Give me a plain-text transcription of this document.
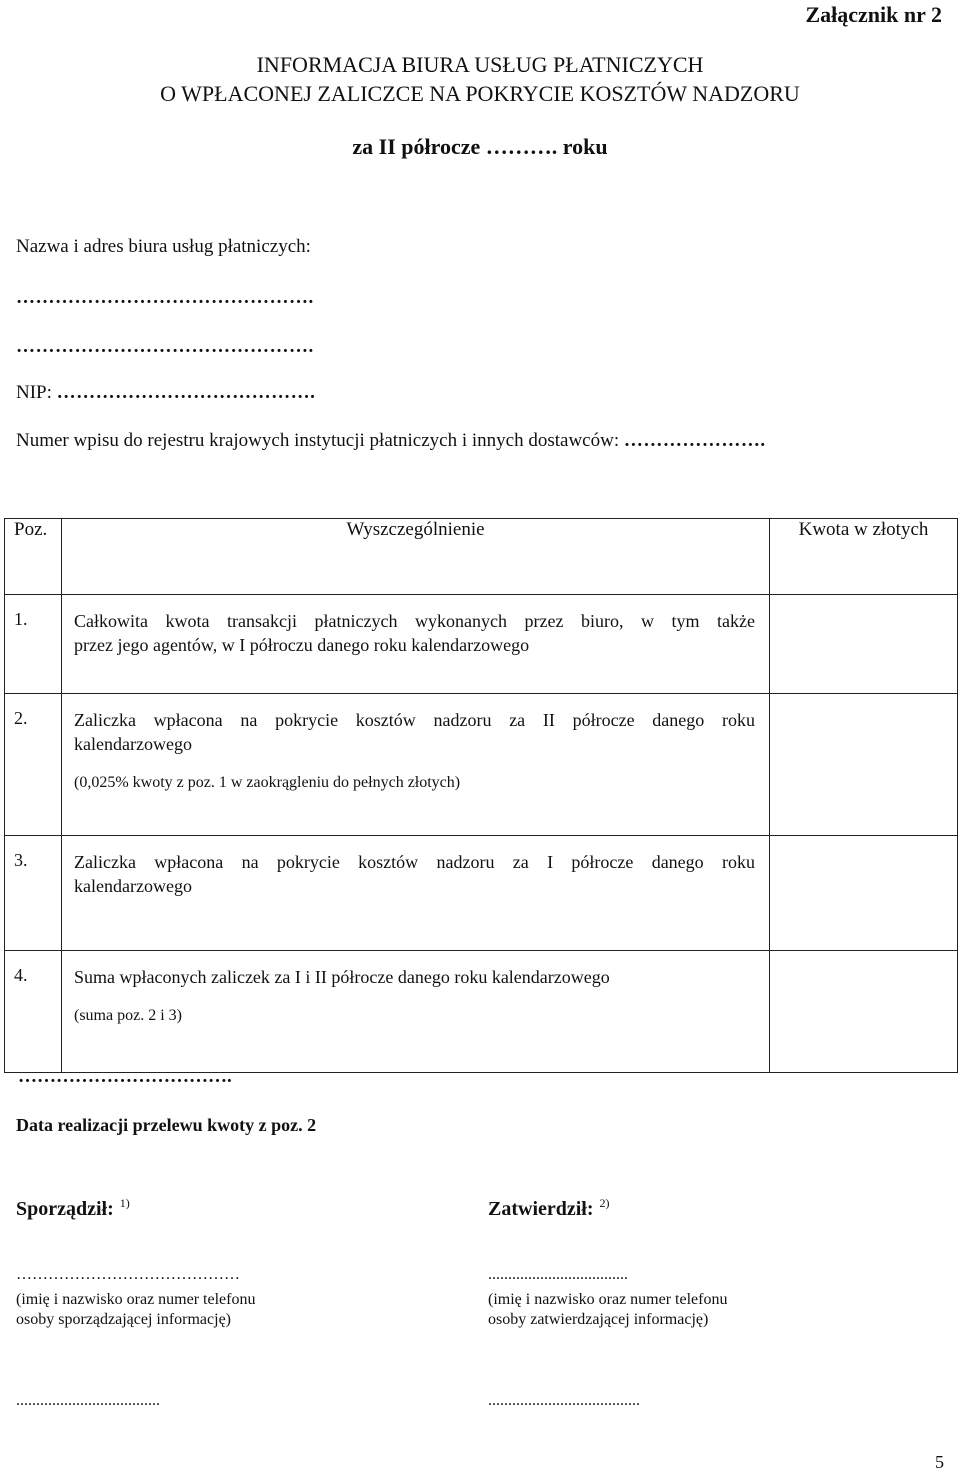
Załącznik nr 2
INFORMACJA BIURA USŁUG PŁATNICZYCH
O WPŁACONEJ ZALICZCE NA POKRYCIE KOSZTÓW NADZORU
za II półrocze ………. roku
Nazwa i adres biura usług płatniczych:
……………………………………….
……………………………………….
NIP: ………………………………….
Numer wpisu do rejestru krajowych instytucji płatniczych i innych dostawców: ………………….
Poz.	Wyszczególnienie	Kwota w złotych
1.	Całkowita kwota transakcji płatniczych wykonanych przez biuro, w tym także
przez jego agentów, w I półroczu danego roku kalendarzowego	
2.	Zaliczka wpłacona na pokrycie kosztów nadzoru za II półrocze danego roku
kalendarzowego
(0,025% kwoty z poz. 1 w zaokrągleniu do pełnych złotych)	

3.	Zaliczka wpłacona na pokrycie kosztów nadzoru za I półrocze danego roku
kalendarzowego	
4.	Suma wpłaconych zaliczek za I i II półrocze danego roku kalendarzowego
(suma poz. 2 i 3)	

…………………………….
Data realizacji przelewu kwoty z poz. 2
Sporządził: $^{1)}$	Zatwierdził: $^{2)}$
……………………………………	...................................
(imię i nazwisko oraz numer telefonu
osoby sporządzającej informację)
(imię i nazwisko oraz numer telefonu
osoby zatwierdzającej informację)
....................................	......................................
5
